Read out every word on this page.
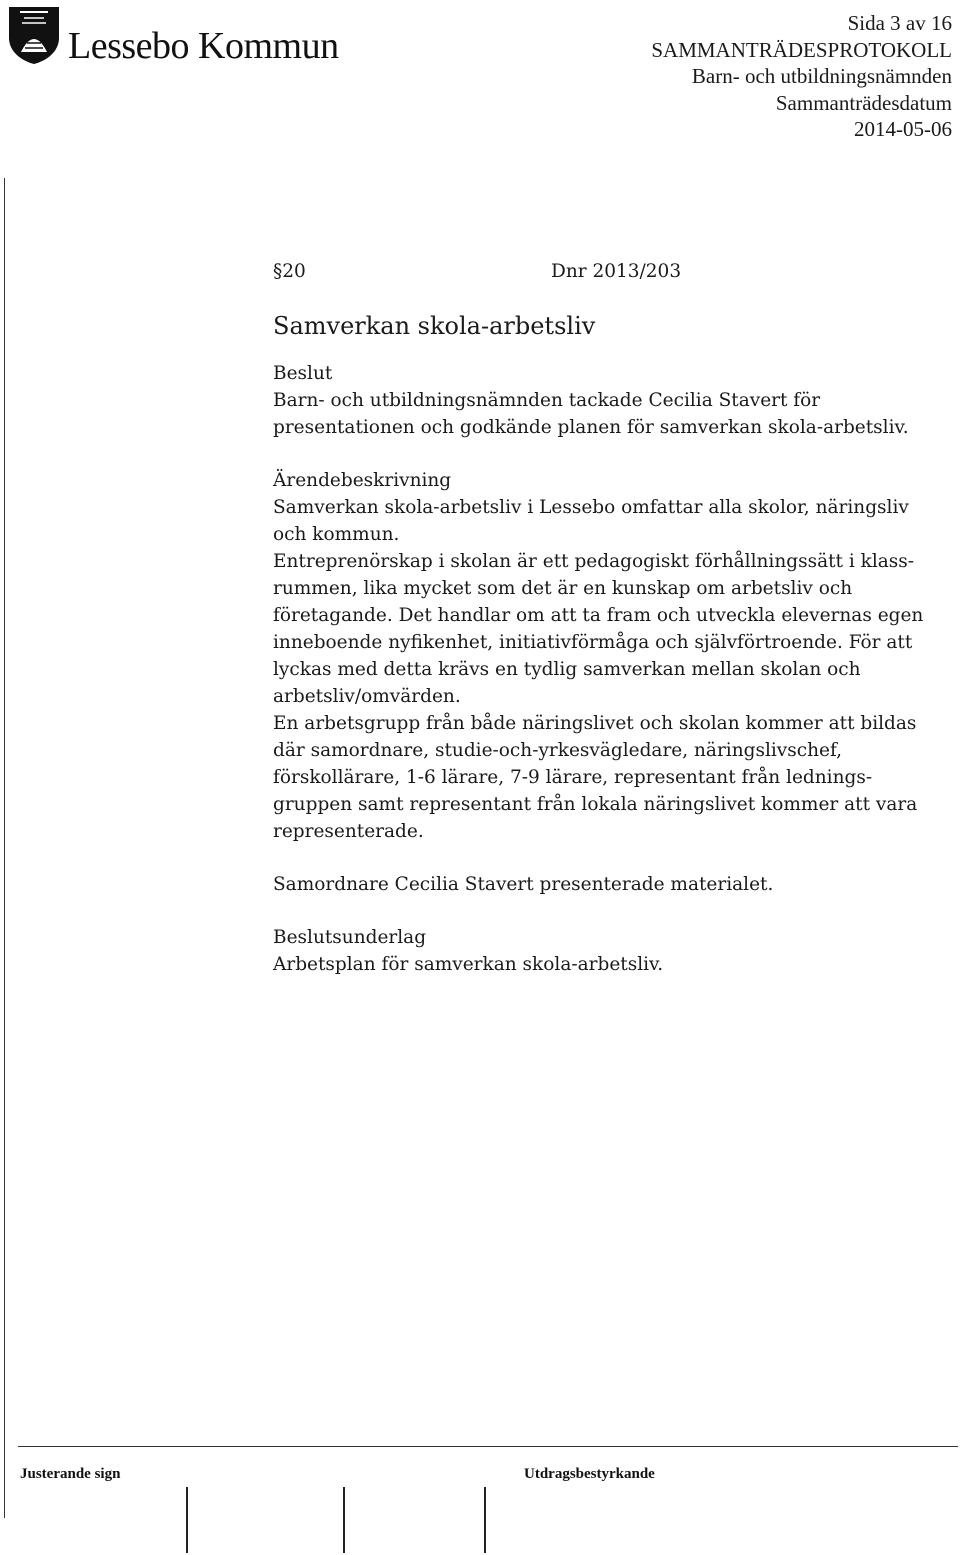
Lessebo Kommun
Sida 3 av 16
SAMMANTRÄDESPROTOKOLL
Barn- och utbildningsnämnden
Sammanträdesdatum
2014-05-06
§20	Dnr 2013/203

Samverkan skola-arbetsliv

Beslut

Barn- och utbildningsnämnden tackade Cecilia Stavert för

presentationen och godkände planen för samverkan skola-arbetsliv.

Ärendebeskrivning

Samverkan skola-arbetsliv i Lessebo omfattar alla skolor, näringsliv

och kommun.

Entreprenörskap i skolan är ett pedagogiskt förhållningssätt i klass-

rummen, lika mycket som det är en kunskap om arbetsliv och

företagande. Det handlar om att ta fram och utveckla elevernas egen

inneboende nyfikenhet, initiativförmåga och självförtroende. För att

lyckas med detta krävs en tydlig samverkan mellan skolan och

arbetsliv/omvärden.

En arbetsgrupp från både näringslivet och skolan kommer att bildas

där samordnare, studie-och-yrkesvägledare, näringslivschef,

förskollärare, 1-6 lärare, 7-9 lärare, representant från lednings-

gruppen samt representant från lokala näringslivet kommer att vara

representerade.

Samordnare Cecilia Stavert presenterade materialet.

Beslutsunderlag

Arbetsplan för samverkan skola-arbetsliv.

Justerande sign	Utdragsbestyrkande
